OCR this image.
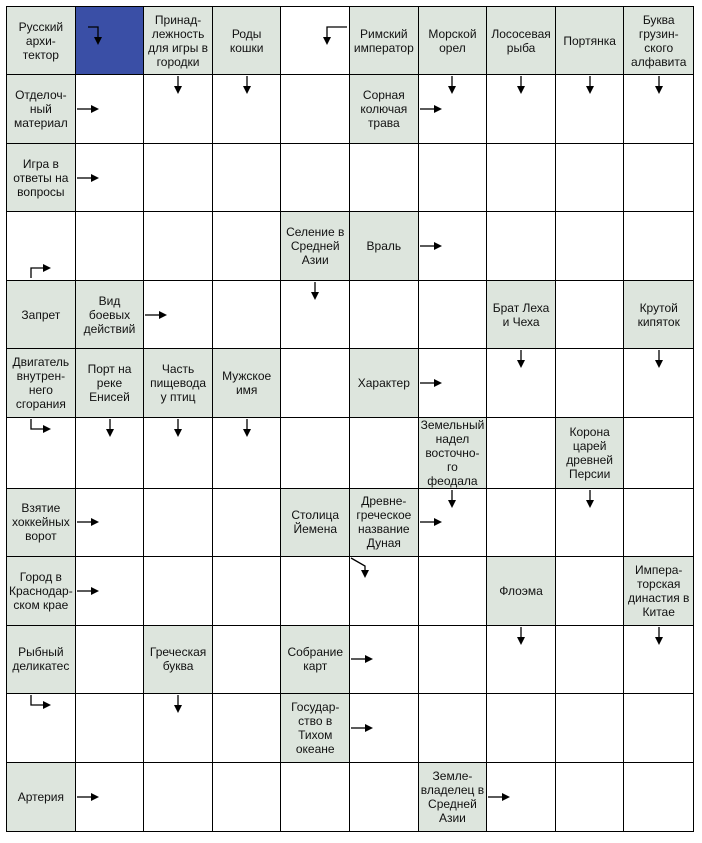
Русский архи-тектор
Принад-лежность для игры в городки
Роды кошки
Римский император
Морской орел
Лососевая рыба	Портянка
Буква грузин-ского алфавита
Отделоч-ный материал
Сорная колючая трава
Игра в ответы на вопросы
Селение в Средней Азии
Враль
Запрет
Вид боевых действий
Брат Леха и Чеха
Крутой кипяток
Двигатель внутрен-него сгорания
Порт на реке Енисей
Часть пищевода у птиц
Мужское имя	Характер
Земельный надел восточно-го феодала
Корона царей древней Персии
Взятие хоккейных ворот
Столица Йемена
Древне-греческое название Дуная
Город в Краснодар-ском крае
Флоэма
Импера-торская династия в Китае
Рыбный деликатес
Греческая буква
Собрание карт
Государ-ство в Тихом океане
Артерия
Земле-владелец в Средней Азии
